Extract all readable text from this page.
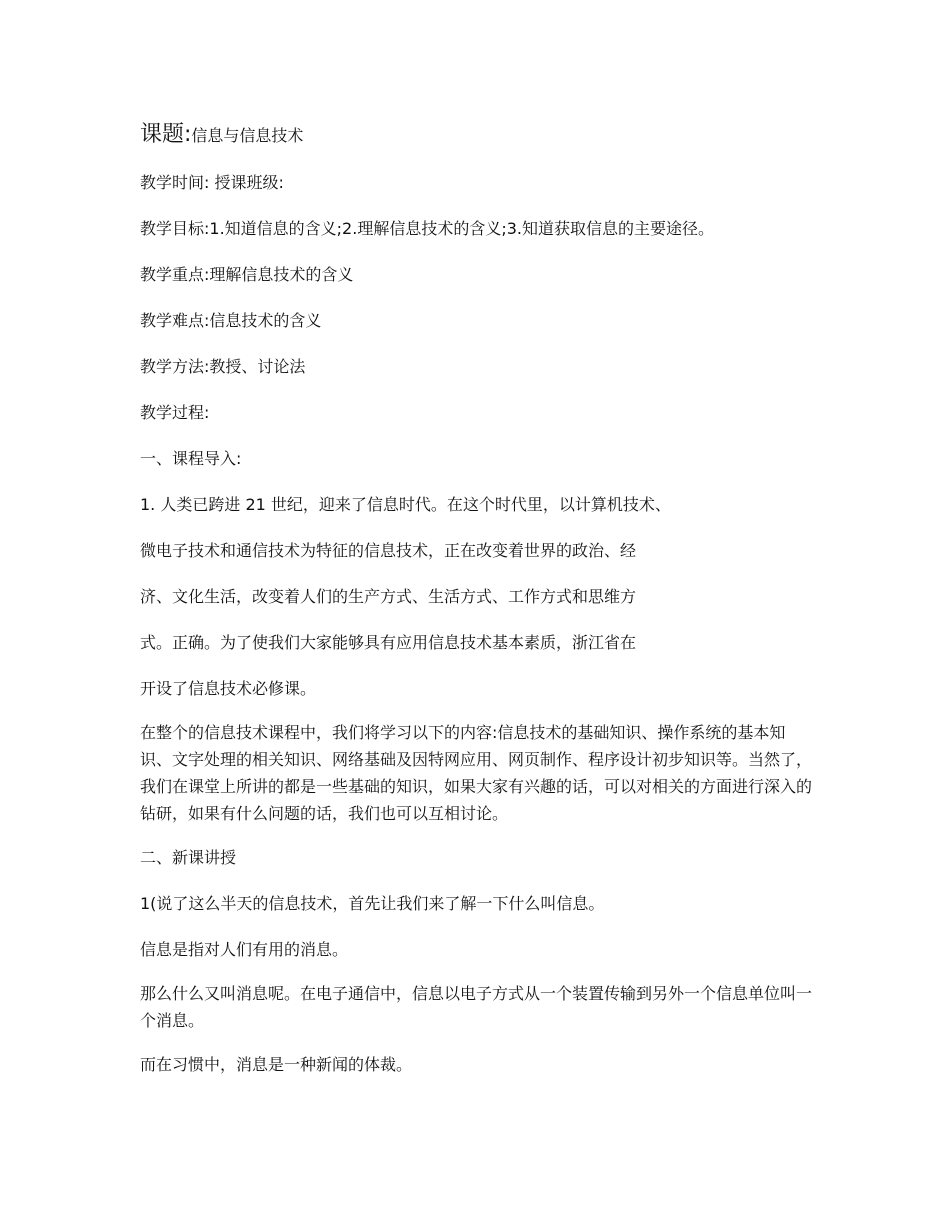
课题: 信息与信息技术

教学时间: 授课班级:

教学目标:1.知道信息的含义;2.理解信息技术的含义;3.知道获取信息的主要途径。

教学重点:理解信息技术的含义

教学难点:信息技术的含义

教学方法:教授、讨论法

教学过程:

一、课程导入:

1. 人类已跨进 21 世纪，迎来了信息时代。在这个时代里，以计算机技术、

微电子技术和通信技术为特征的信息技术，正在改变着世界的政治、经

济、文化生活，改变着人们的生产方式、生活方式、工作方式和思维方

式。正确。为了使我们大家能够具有应用信息技术基本素质，浙江省在

开设了信息技术必修课。

在整个的信息技术课程中，我们将学习以下的内容:信息技术的基础知识、操作系统的基本知识、文字处理的相关知识、网络基础及因特网应用、网页制作、程序设计初步知识等。当然了，我们在课堂上所讲的都是一些基础的知识，如果大家有兴趣的话，可以对相关的方面进行深入的钻研，如果有什么问题的话，我们也可以互相讨论。

二、新课讲授

1(说了这么半天的信息技术，首先让我们来了解一下什么叫信息。

信息是指对人们有用的消息。

那么什么又叫消息呢。在电子通信中，信息以电子方式从一个装置传输到另外一个信息单位叫一个消息。

而在习惯中，消息是一种新闻的体裁。
